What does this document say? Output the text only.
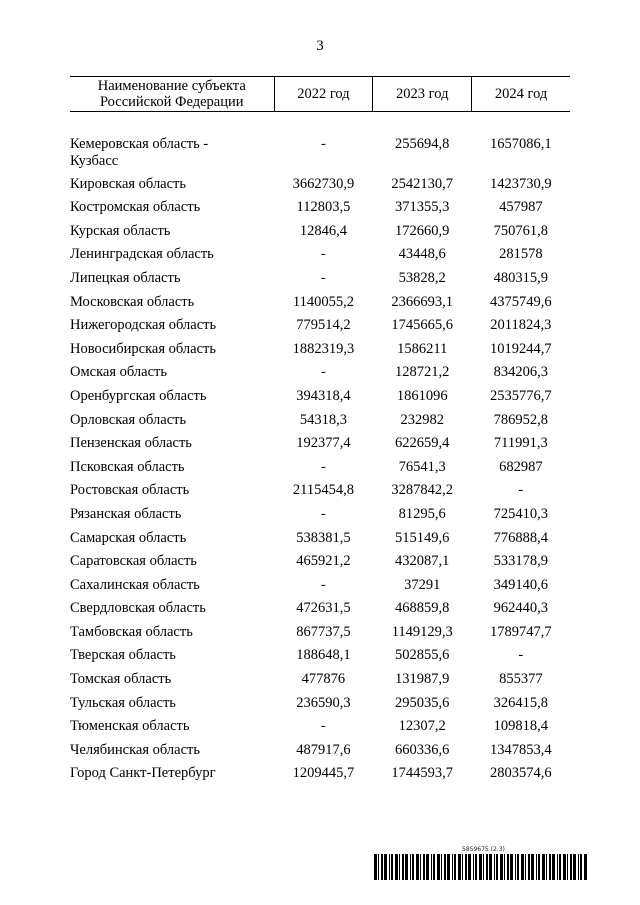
3
Наименование субъекта
Российской Федерации	2022 год	2023 год	2024 год

Кемеровская область -
Кузбасс	-	255694,8	1657086,1
Кировская область	3662730,9	2542130,7	1423730,9
Костромская область	112803,5	371355,3	457987
Курская область	12846,4	172660,9	750761,8
Ленинградская область	-	43448,6	281578
Липецкая область	-	53828,2	480315,9
Московская область	1140055,2	2366693,1	4375749,6
Нижегородская область	779514,2	1745665,6	2011824,3
Новосибирская область	1882319,3	1586211	1019244,7
Омская область	-	128721,2	834206,3
Оренбургская область	394318,4	1861096	2535776,7
Орловская область	54318,3	232982	786952,8
Пензенская область	192377,4	622659,4	711991,3
Псковская область	-	76541,3	682987
Ростовская область	2115454,8	3287842,2	-
Рязанская область	-	81295,6	725410,3
Самарская область	538381,5	515149,6	776888,4
Саратовская область	465921,2	432087,1	533178,9
Сахалинская область	-	37291	349140,6
Свердловская область	472631,5	468859,8	962440,3
Тамбовская область	867737,5	1149129,3	1789747,7
Тверская область	188648,1	502855,6	-
Томская область	477876	131987,9	855377
Тульская область	236590,3	295035,6	326415,8
Тюменская область	-	12307,2	109818,4
Челябинская область	487917,6	660336,6	1347853,4
Город Санкт-Петербург	1209445,7	1744593,7	2803574,6
5859675 (2.3)
